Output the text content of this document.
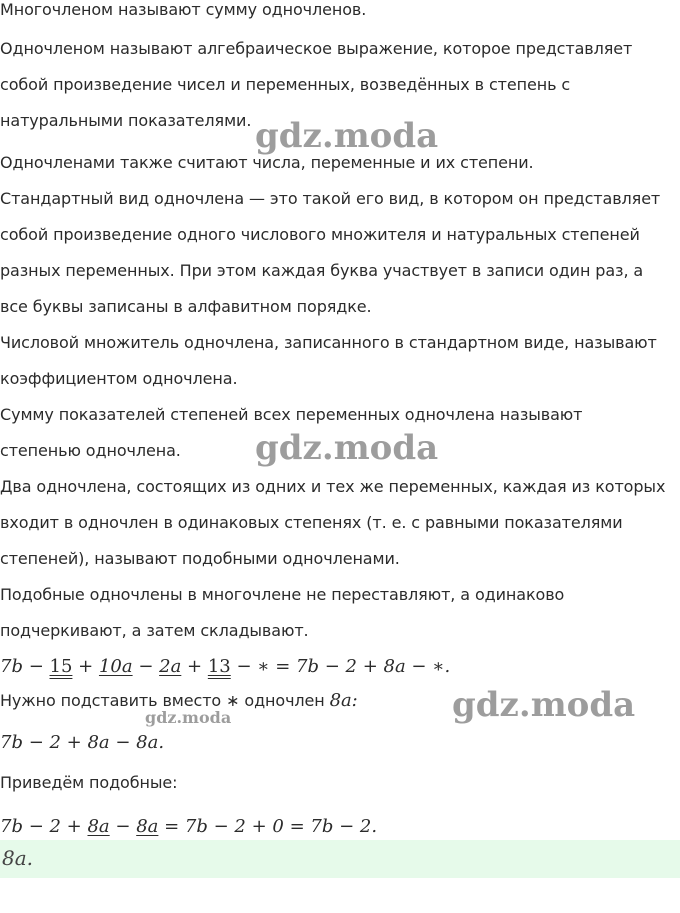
Многочленом называют сумму одночленов.

Одночленом называют алгебраическое выражение, которое представляет

собой произведение чисел и переменных, возведённых в степень с

натуральными показателями.

Одночленами также считают числа, переменные и их степени.

Стандартный вид одночлена — это такой его вид, в котором он представляет

собой произведение одного числового множителя и натуральных степеней

разных переменных. При этом каждая буква участвует в записи один раз, а

все буквы записаны в алфавитном порядке.

Числовой множитель одночлена, записанного в стандартном виде, называют

коэффициентом одночлена.

Сумму показателей степеней всех переменных одночлена называют

степенью одночлена.

Два одночлена, состоящих из одних и тех же переменных, каждая из которых

входит в одночлен в одинаковых степенях (т. е. с равными показателями

степеней), называют подобными одночленами.

Подобные одночлены в многочлене не переставляют, а одинаково

подчеркивают, а затем складывают.

7b − 15 + 10a − 2a + 13 − ∗ = 7b − 2 + 8a − ∗.

Нужно подставить вместо ∗ одночлен 8a:

7b − 2 + 8a − 8a.

Приведём подобные:

7b − 2 + 8a − 8a = 7b − 2 + 0 = 7b − 2.

8a.
gdz.moda
gdz.moda
gdz.moda
gdz.moda
